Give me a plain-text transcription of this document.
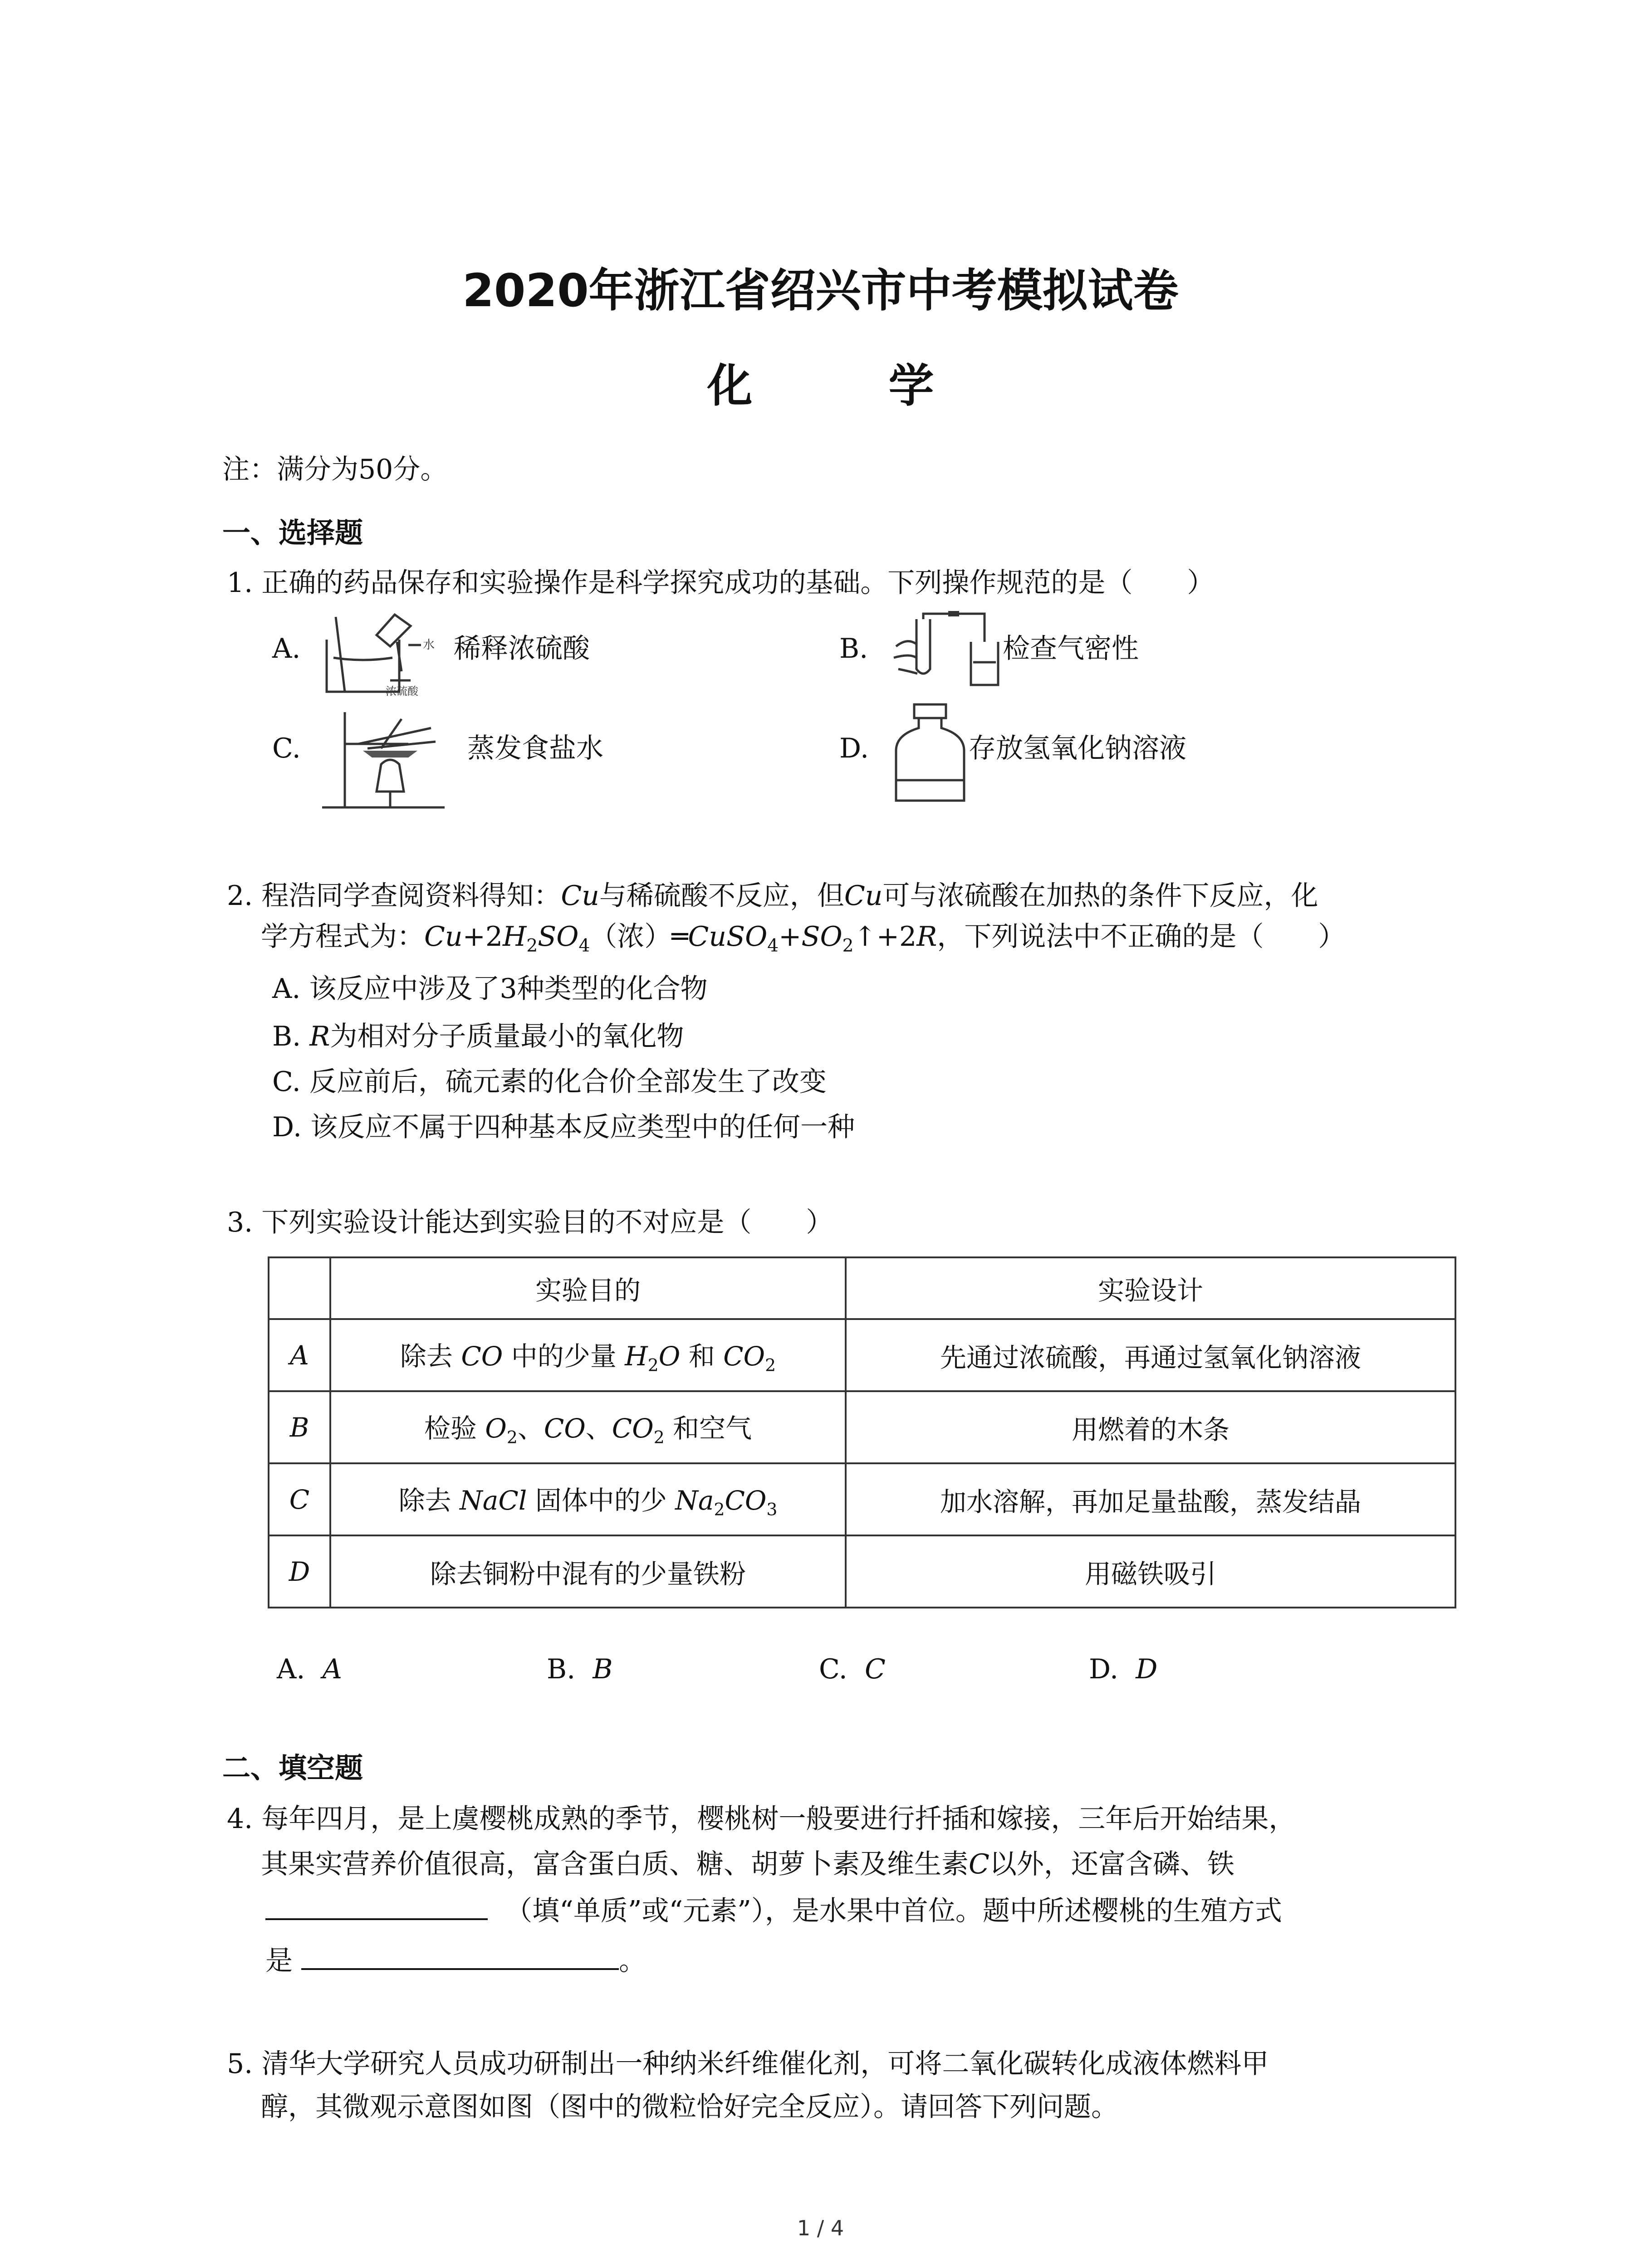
2020年浙江省绍兴市中考模拟试卷
化　学
注：满分为50分。
一、选择题
1. 正确的药品保存和实验操作是科学探究成功的基础。下列操作规范的是（　　）
A.	水
浓硫酸
稀释浓硫酸	B.	检查气密性
C.	蒸发食盐水	D.	存放氢氧化钠溶液
2. 程浩同学查阅资料得知：Cu与稀硫酸不反应，但Cu可与浓硫酸在加热的条件下反应，化
学方程式为：$Cu+2H_2SO_4$（浓）$═CuSO_4+SO_2↑+2R$，下列说法中不正确的是（　　）
A. 该反应中涉及了3种类型的化合物
B. R为相对分子质量最小的氧化物
C. 反应前后，硫元素的化合价全部发生了改变
D. 该反应不属于四种基本反应类型中的任何一种
3. 下列实验设计能达到实验目的不对应是（　　）
	实验目的	实验设计
A	除去 CO 中的少量 $H_2O$ 和 $CO_2$	先通过浓硫酸，再通过氢氧化钠溶液
B	检验 $O_2$、CO、$CO_2$ 和空气	用燃着的木条
C	除去 NaCl 固体中的少 $Na_2CO_3$	加水溶解，再加足量盐酸，蒸发结晶
D	除去铜粉中混有的少量铁粉	用磁铁吸引
A. A	B. B	C. C	D. D
二、填空题
4. 每年四月，是上虞樱桃成熟的季节，樱桃树一般要进行扦插和嫁接，三年后开始结果，
其果实营养价值很高，富含蛋白质、糖、胡萝卜素及维生素C以外，还富含磷、铁
（填“单质”或“元素”），是水果中首位。题中所述樱桃的生殖方式
是	。
5. 清华大学研究人员成功研制出一种纳米纤维催化剂，可将二氧化碳转化成液体燃料甲
醇，其微观示意图如图（图中的微粒恰好完全反应）。请回答下列问题。
1 / 4
